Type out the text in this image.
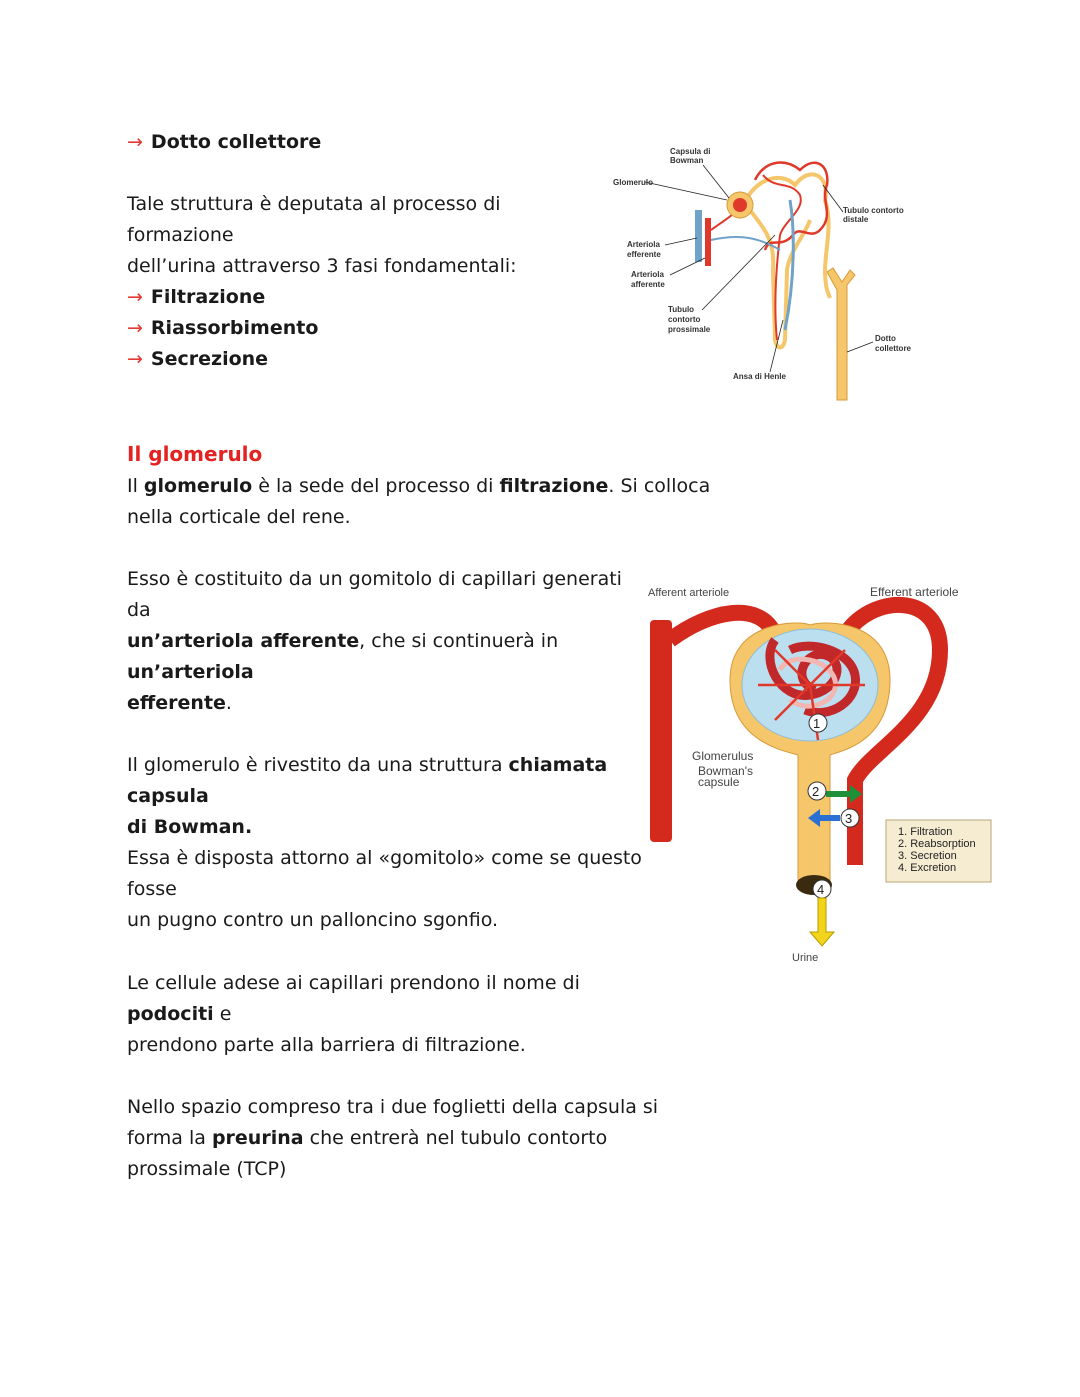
→ Dotto collettore
Tale struttura è deputata al processo di
formazione
dell’urina attraverso 3 fasi fondamentali:
→ Filtrazione
→ Riassorbimento
→ Secrezione
Capsula di
Bowman
Glomerulo
Arteriola
efferente
Arteriola
afferente
Tubulo
contorto
prossimale
Ansa di Henle
Tubulo contorto
distale
Dotto
collettore
Il glomerulo
Il glomerulo è la sede del processo di filtrazione. Si colloca
nella corticale del rene.
Esso è costituito da un gomitolo di capillari generati
da
un’arteriola afferente, che si continuerà in
un’arteriola
efferente.
Il glomerulo è rivestito da una struttura chiamata
capsula
di Bowman.
Essa è disposta attorno al «gomitolo» come se questo
fosse
un pugno contro un palloncino sgonfio.
Le cellule adese ai capillari prendono il nome di
podociti e
prendono parte alla barriera di filtrazione.
Nello spazio compreso tra i due foglietti della capsula si
forma la preurina che entrerà nel tubulo contorto
prossimale (TCP)
1
2
3
4
Afferent arteriole	Efferent arteriole
Glomerulus
Bowman's
capsule
Urine
1. Filtration
2. Reabsorption
3. Secretion
4. Excretion
